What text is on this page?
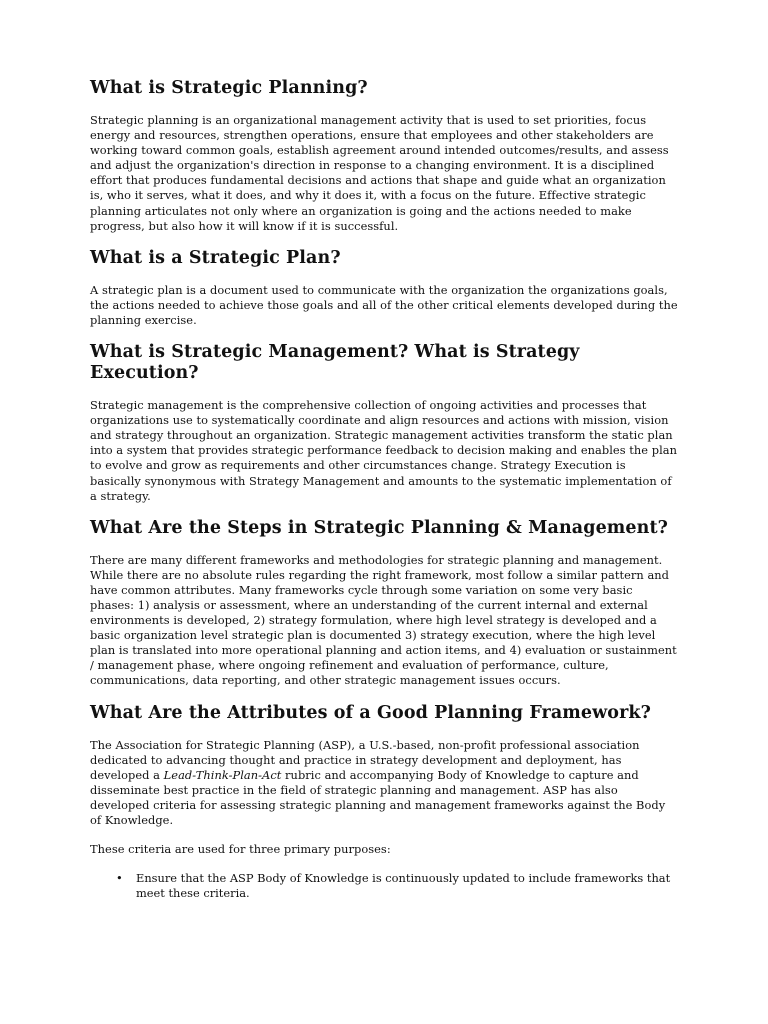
What is Strategic Planning?

Strategic planning is an organizational management activity that is used to set priorities, focus energy and resources, strengthen operations, ensure that employees and other stakeholders are working toward common goals, establish agreement around intended outcomes/results, and assess and adjust the organization's direction in response to a changing environment. It is a disciplined effort that produces fundamental decisions and actions that shape and guide what an organization is, who it serves, what it does, and why it does it, with a focus on the future. Effective strategic planning articulates not only where an organization is going and the actions needed to make progress, but also how it will know if it is successful.

What is a Strategic Plan?

A strategic plan is a document used to communicate with the organization the organizations goals, the actions needed to achieve those goals and all of the other critical elements developed during the planning exercise.

What is Strategic Management? What is Strategy Execution?

Strategic management is the comprehensive collection of ongoing activities and processes that organizations use to systematically coordinate and align resources and actions with mission, vision and strategy throughout an organization. Strategic management activities transform the static plan into a system that provides strategic performance feedback to decision making and enables the plan to evolve and grow as requirements and other circumstances change. Strategy Execution is basically synonymous with Strategy Management and amounts to the systematic implementation of a strategy.

What Are the Steps in Strategic Planning & Management?

There are many different frameworks and methodologies for strategic planning and management. While there are no absolute rules regarding the right framework, most follow a similar pattern and have common attributes. Many frameworks cycle through some variation on some very basic phases: 1) analysis or assessment, where an understanding of the current internal and external environments is developed, 2) strategy formulation, where high level strategy is developed and a basic organization level strategic plan is documented 3) strategy execution, where the high level plan is translated into more operational planning and action items, and 4) evaluation or sustainment / management phase, where ongoing refinement and evaluation of performance, culture, communications, data reporting, and other strategic management issues occurs.

What Are the Attributes of a Good Planning Framework?

The Association for Strategic Planning (ASP), a U.S.-based, non-profit professional association dedicated to advancing thought and practice in strategy development and deployment, has developed a Lead-Think-Plan-Act rubric and accompanying Body of Knowledge to capture and disseminate best practice in the field of strategic planning and management. ASP has also developed criteria for assessing strategic planning and management frameworks against the Body of Knowledge.

These criteria are used for three primary purposes:

• Ensure that the ASP Body of Knowledge is continuously updated to include frameworks that meet these criteria.
